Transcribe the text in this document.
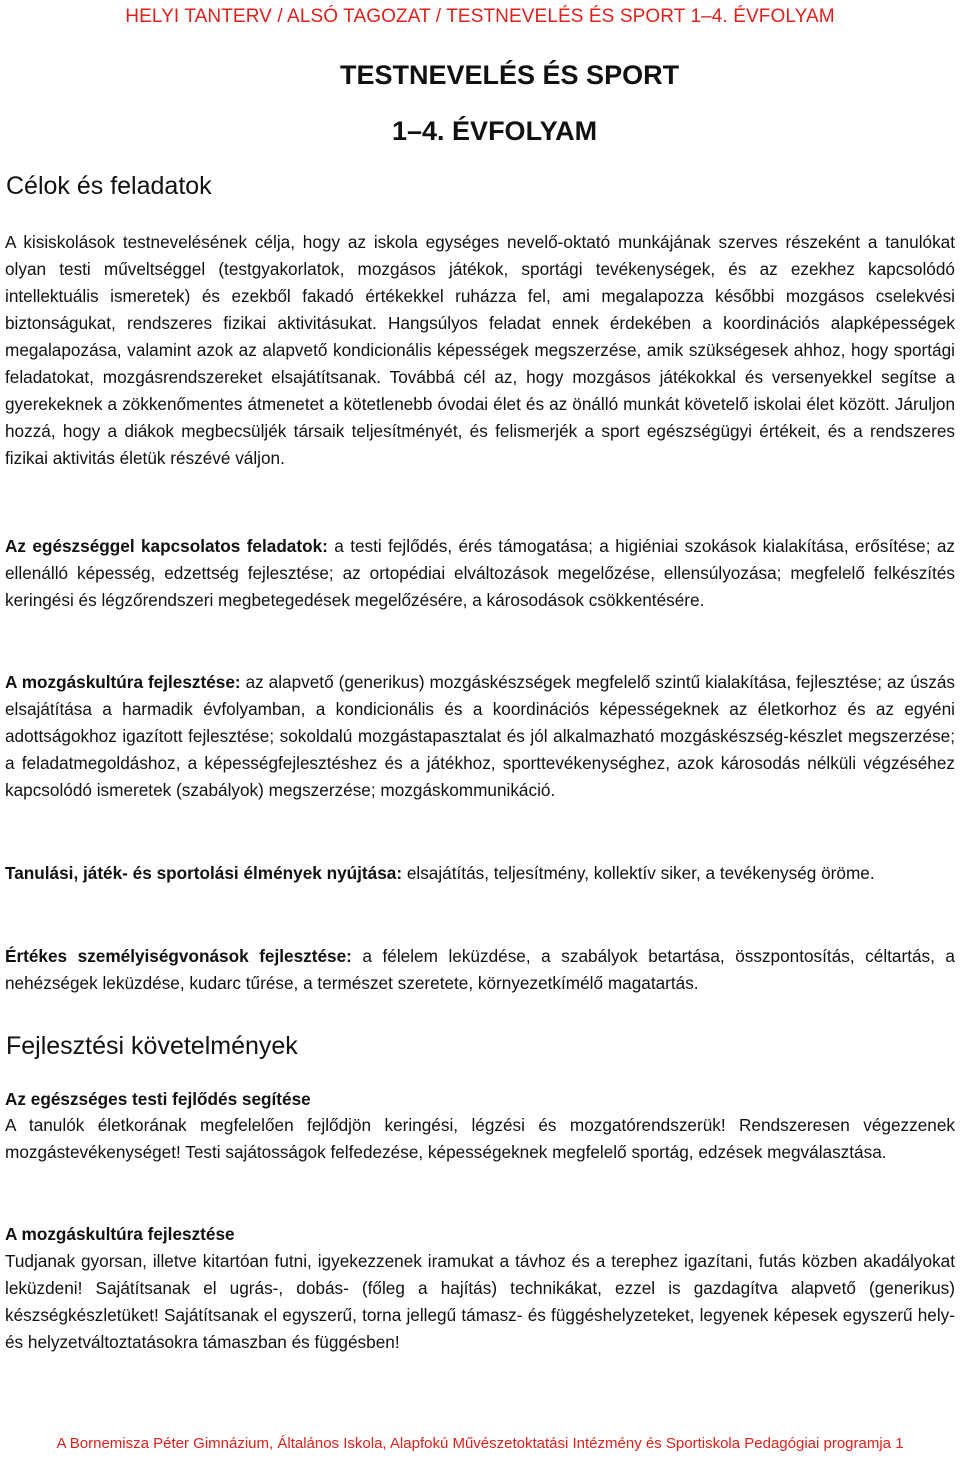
HELYI TANTERV / ALSÓ TAGOZAT / TESTNEVELÉS ÉS SPORT 1–4. ÉVFOLYAM
TESTNEVELÉS ÉS SPORT
1–4. ÉVFOLYAM
Célok és feladatok
A kisiskolások testnevelésének célja, hogy az iskola egységes nevelő-oktató munkájának szerves részeként a tanulókat olyan testi műveltséggel (testgyakorlatok, mozgásos játékok, sportági tevékenységek, és az ezekhez kapcsolódó intellektuális ismeretek) és ezekből fakadó értékekkel ruházza fel, ami megalapozza későbbi mozgásos cselekvési biztonságukat, rendszeres fizikai aktivitásukat. Hangsúlyos feladat ennek érdekében a koordinációs alapképességek megalapozása, valamint azok az alapvető kondicionális képességek megszerzése, amik szükségesek ahhoz, hogy sportági feladatokat, mozgásrendszereket elsajátítsanak. Továbbá cél az, hogy mozgásos játékokkal és versenyekkel segítse a gyerekeknek a zökkenőmentes átmenetet a kötetlenebb óvodai élet és az önálló munkát követelő iskolai élet között. Járuljon hozzá, hogy a diákok megbecsüljék társaik teljesítményét, és felismerjék a sport egészségügyi értékeit, és a rendszeres fizikai aktivitás életük részévé váljon.
Az egészséggel kapcsolatos feladatok: a testi fejlődés, érés támogatása; a higiéniai szokások kialakítása, erősítése; az ellenálló képesség, edzettség fejlesztése; az ortopédiai elváltozások megelőzése, ellensúlyozása; megfelelő felkészítés keringési és légzőrendszeri megbetegedések megelőzésére, a károsodások csökkentésére.
A mozgáskultúra fejlesztése: az alapvető (generikus) mozgáskészségek megfelelő szintű kialakítása, fejlesztése; az úszás elsajátítása a harmadik évfolyamban, a kondicionális és a koordinációs képességeknek az életkorhoz és az egyéni adottságokhoz igazított fejlesztése; sokoldalú mozgástapasztalat és jól alkalmazható mozgáskészség-készlet megszerzése; a feladatmegoldáshoz, a képességfejlesztéshez és a játékhoz, sporttevékenységhez, azok károsodás nélküli végzéséhez kapcsolódó ismeretek (szabályok) megszerzése; mozgáskommunikáció.
Tanulási, játék- és sportolási élmények nyújtása: elsajátítás, teljesítmény, kollektív siker, a tevékenység öröme.
Értékes személyiségvonások fejlesztése: a félelem leküzdése, a szabályok betartása, összpontosítás, céltartás, a nehézségek leküzdése, kudarc tűrése, a természet szeretete, környezetkímélő magatartás.
Fejlesztési követelmények
Az egészséges testi fejlődés segítése
A tanulók életkorának megfelelően fejlődjön keringési, légzési és mozgatórendszerük! Rendszeresen végezzenek mozgástevékenységet! Testi sajátosságok felfedezése, képességeknek megfelelő sportág, edzések megválasztása.
A mozgáskultúra fejlesztése
Tudjanak gyorsan, illetve kitartóan futni, igyekezzenek iramukat a távhoz és a terephez igazítani, futás közben akadályokat leküzdeni! Sajátítsanak el ugrás-, dobás- (főleg a hajítás) technikákat, ezzel is gazdagítva alapvető (generikus) készségkészletüket! Sajátítsanak el egyszerű, torna jellegű támasz- és függéshelyzeteket, legyenek képesek egyszerű hely- és helyzetváltoztatásokra támaszban és függésben!
A Bornemisza Péter Gimnázium, Általános Iskola, Alapfokú Művészetoktatási Intézmény és Sportiskola Pedagógiai programja 1
